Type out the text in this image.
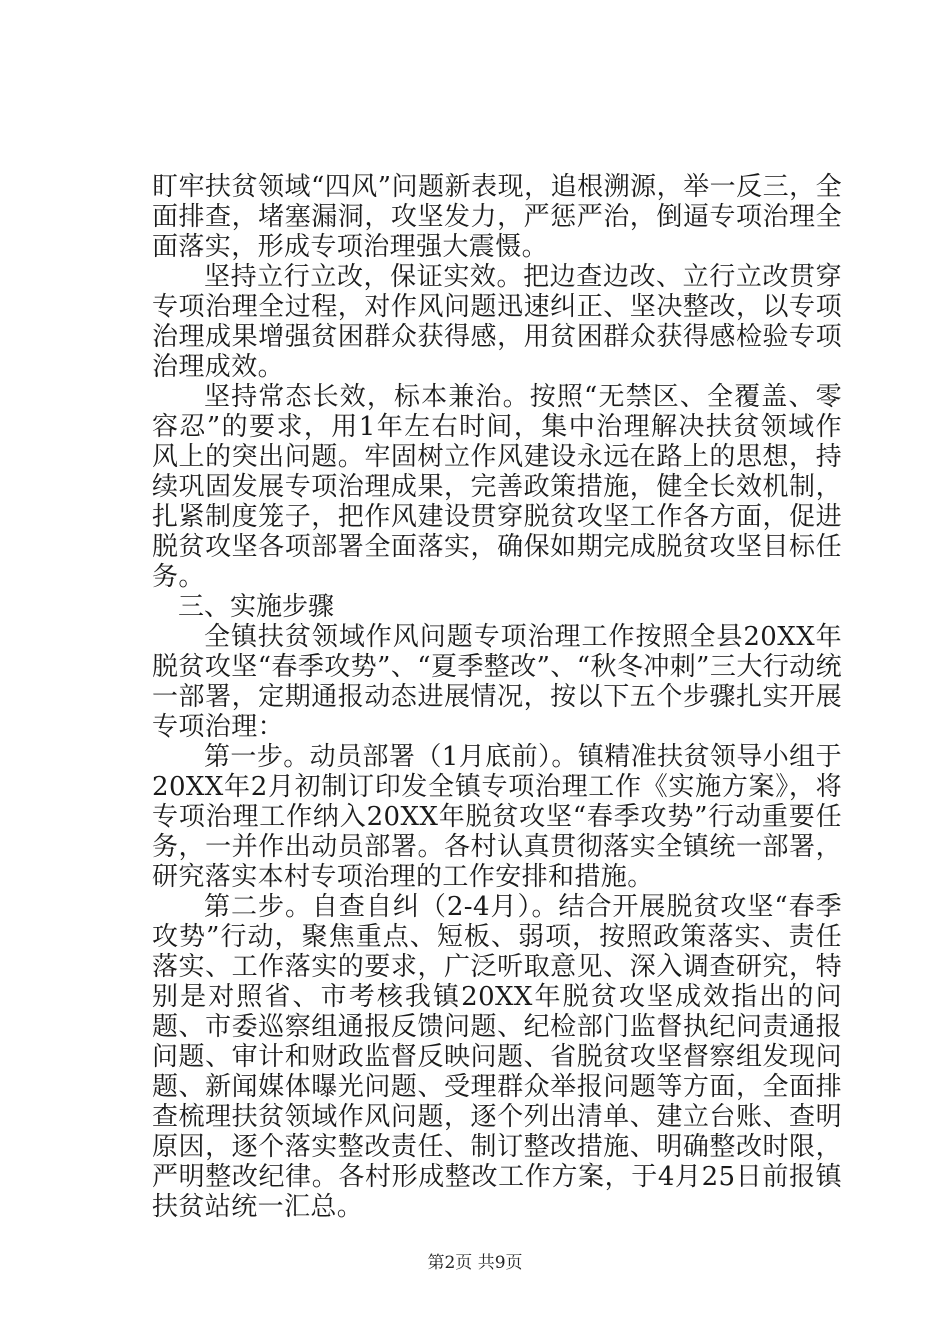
盯牢扶贫领域“四风”问题新表现，追根溯源，举一反三，全面排查，堵塞漏洞，攻坚发力，严惩严治，倒逼专项治理全面落实，形成专项治理强大震慑。

坚持立行立改，保证实效。把边查边改、立行立改贯穿专项治理全过程，对作风问题迅速纠正、坚决整改，以专项治理成果增强贫困群众获得感，用贫困群众获得感检验专项治理成效。

坚持常态长效，标本兼治。按照“无禁区、全覆盖、零容忍”的要求，用1年左右时间，集中治理解决扶贫领域作风上的突出问题。牢固树立作风建设永远在路上的思想，持续巩固发展专项治理成果，完善政策措施，健全长效机制，扎紧制度笼子，把作风建设贯穿脱贫攻坚工作各方面，促进脱贫攻坚各项部署全面落实，确保如期完成脱贫攻坚目标任务。

三、实施步骤

全镇扶贫领域作风问题专项治理工作按照全县20XX年脱贫攻坚“春季攻势”、“夏季整改”、“秋冬冲刺”三大行动统一部署，定期通报动态进展情况，按以下五个步骤扎实开展专项治理：

第一步。动员部署（1月底前）。镇精准扶贫领导小组于20XX年2月初制订印发全镇专项治理工作《实施方案》，将专项治理工作纳入20XX年脱贫攻坚“春季攻势”行动重要任务，一并作出动员部署。各村认真贯彻落实全镇统一部署，研究落实本村专项治理的工作安排和措施。

第二步。自查自纠（2-4月）。结合开展脱贫攻坚“春季攻势”行动，聚焦重点、短板、弱项，按照政策落实、责任落实、工作落实的要求，广泛听取意见、深入调查研究，特别是对照省、市考核我镇20XX年脱贫攻坚成效指出的问题、市委巡察组通报反馈问题、纪检部门监督执纪问责通报问题、审计和财政监督反映问题、省脱贫攻坚督察组发现问题、新闻媒体曝光问题、受理群众举报问题等方面，全面排查梳理扶贫领域作风问题，逐个列出清单、建立台账、查明原因，逐个落实整改责任、制订整改措施、明确整改时限，严明整改纪律。各村形成整改工作方案，于4月25日前报镇扶贫站统一汇总。

第2页 共9页
